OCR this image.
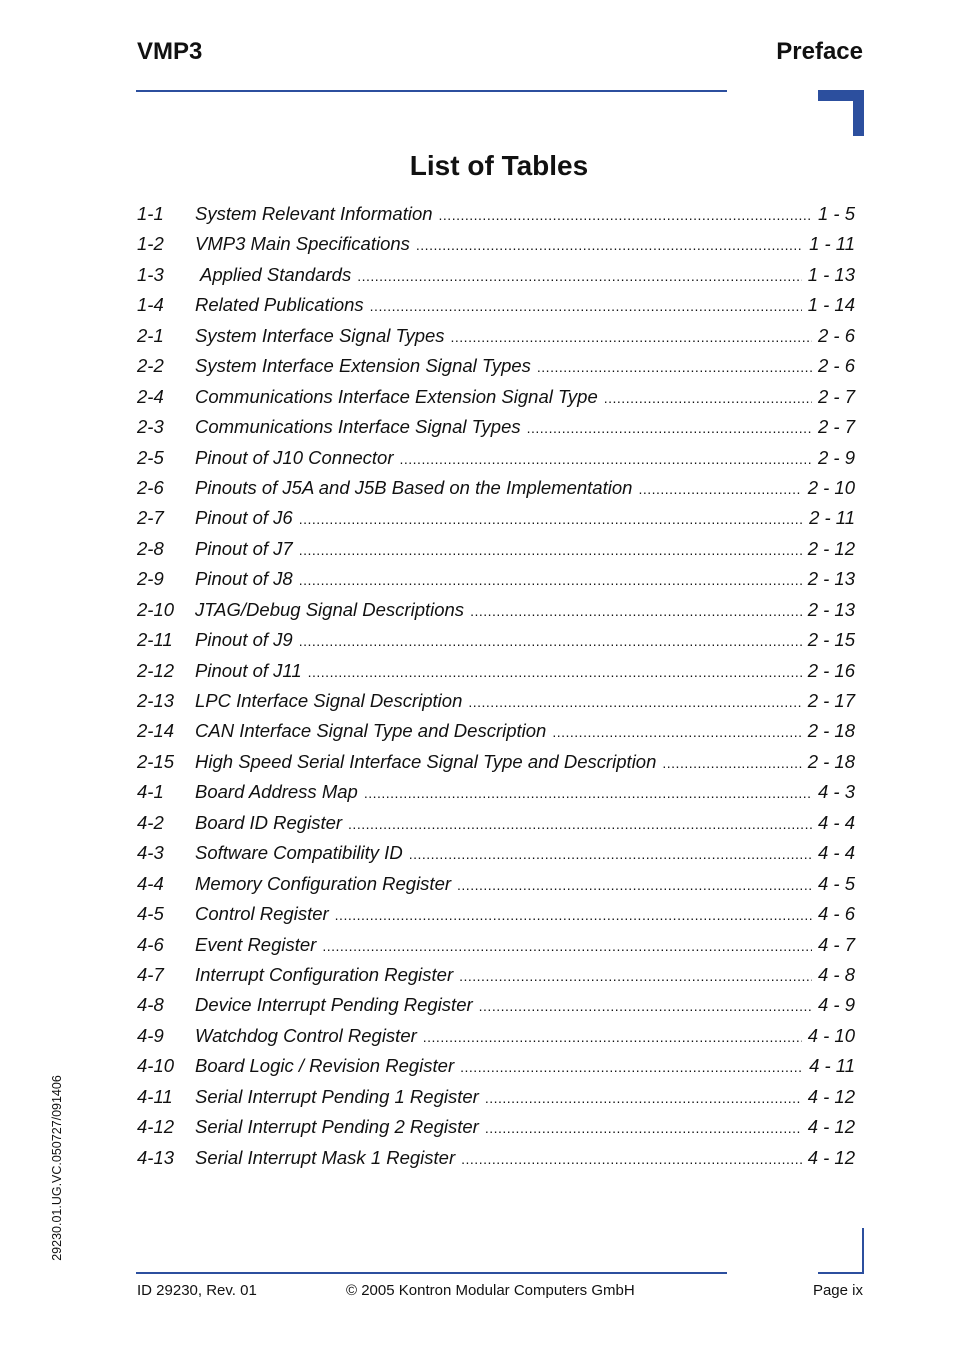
VMP3	Preface
List of Tables
1-1	System Relevant Information .....	1 - 5
1-2	VMP3 Main Specifications .....	1 - 11
1-3	Applied Standards .....	1 - 13
1-4	Related Publications .....	1 - 14
2-1	System Interface Signal Types .....	2 - 6
2-2	System Interface Extension Signal Types .....	2 - 6
2-4	Communications Interface Extension Signal Type .....	2 - 7
2-3	Communications Interface Signal Types .....	2 - 7
2-5	Pinout of J10 Connector .....	2 - 9
2-6	Pinouts of J5A and J5B Based on the Implementation .....	2 - 10
2-7	Pinout of J6 .....	2 - 11
2-8	Pinout of J7 .....	2 - 12
2-9	Pinout of J8 .....	2 - 13
2-10	JTAG/Debug Signal Descriptions .....	2 - 13
2-11	Pinout of J9 .....	2 - 15
2-12	Pinout of J11 .....	2 - 16
2-13	LPC Interface Signal Description .....	2 - 17
2-14	CAN Interface Signal Type and Description .....	2 - 18
2-15	High Speed Serial Interface Signal Type and Description .....	2 - 18
4-1	Board Address Map .....	4 - 3
4-2	Board ID Register .....	4 - 4
4-3	Software Compatibility ID .....	4 - 4
4-4	Memory Configuration Register .....	4 - 5
4-5	Control Register .....	4 - 6
4-6	Event Register .....	4 - 7
4-7	Interrupt Configuration Register .....	4 - 8
4-8	Device Interrupt Pending Register .....	4 - 9
4-9	Watchdog Control Register .....	4 - 10
4-10	Board Logic / Revision Register .....	4 - 11
4-11	Serial Interrupt Pending 1 Register .....	4 - 12
4-12	Serial Interrupt Pending 2 Register .....	4 - 12
4-13	Serial Interrupt Mask 1 Register .....	4 - 12
29230.01.UG.VC.050727/091406
ID 29230, Rev. 01	© 2005 Kontron Modular Computers GmbH	Page ix
